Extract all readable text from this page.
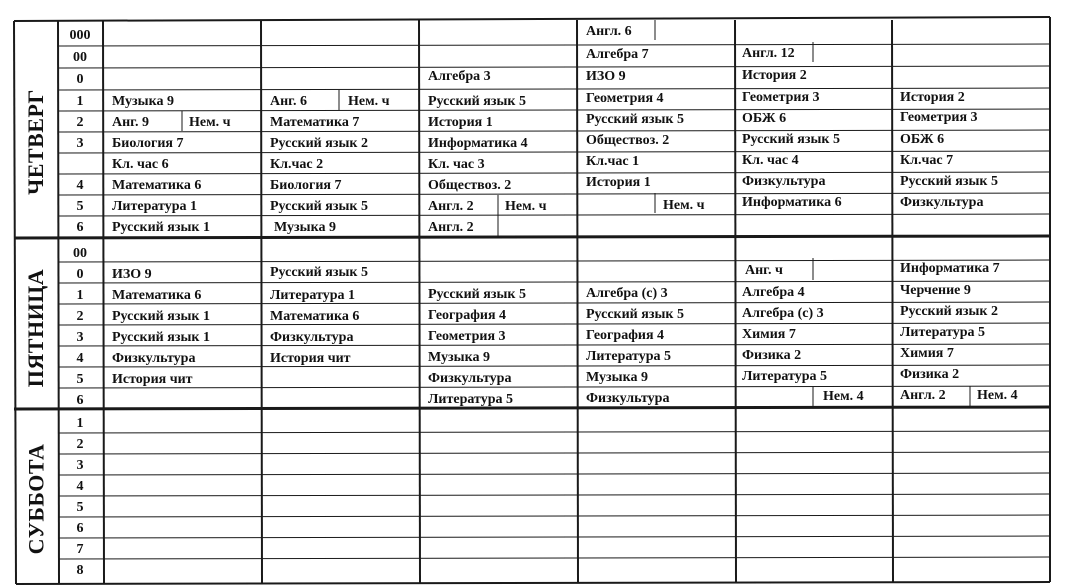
ЧЕТВЕРГ
ПЯТНИЦА
СУББОТА
000
00
0
1
2
3
4
5
6
00
0
1
2
3
4
5
6
1
2
3
4
5
6
7
8
Музыка 9
Анг. 9	Нем. ч
Биология 7
Кл. час 6
Математика 6
Литература 1
Русский язык 1
Анг. 6	Нем. ч
Математика 7
Русский язык 2
Кл.час 2
Биология 7
Русский язык 5
Музыка 9
Алгебра 3
Русский язык 5
История 1
Информатика 4
Кл. час 3
Обществоз. 2
Англ. 2 Нем. ч
Англ. 2
Англ. 6
Алгебра 7
ИЗО 9
Геометрия 4
Русский язык 5
Обществоз. 2
Кл.час 1
История 1
Нем. ч
Англ. 12
История 2
Геометрия 3
ОБЖ 6
Русский язык 5
Кл. час 4
Физкультура
Информатика 6
История 2
Геометрия 3
ОБЖ 6
Кл.час 7
Русский язык 5
Физкультура
ИЗО 9
Математика 6
Русский язык 1
Русский язык 1
Физкультура
История чит
Русский язык 5
Литература 1
Математика 6
Физкультура
История чит
Русский язык 5
География 4
Геометрия 3
Музыка 9
Физкультура
Литература 5
Алгебра (с) 3
Русский язык 5
География 4
Литература 5
Музыка 9
Физкультура
Анг. ч
Алгебра 4
Алгебра (с) 3
Химия 7
Физика 2
Литература 5
Нем. 4
Информатика 7
Черчение 9
Русский язык 2
Литература 5
Химия 7
Физика 2
Англ. 2 Нем. 4
